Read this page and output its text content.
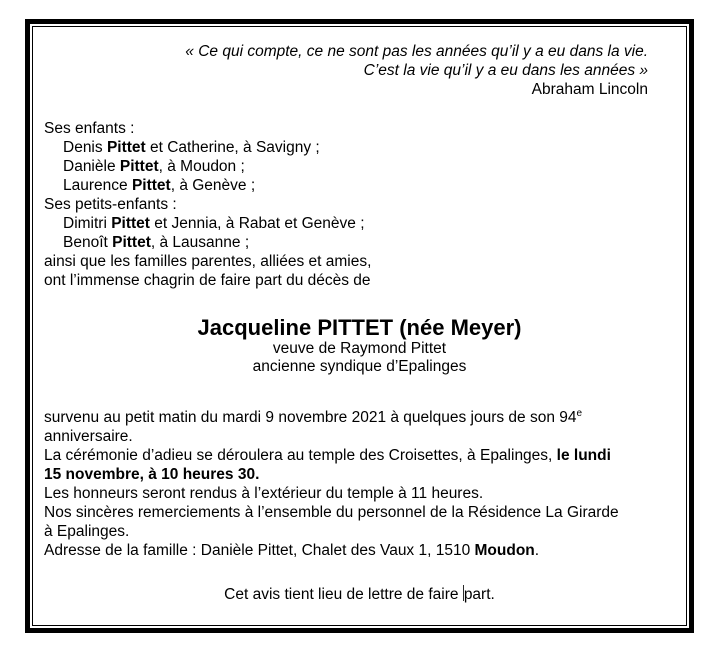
« Ce qui compte, ce ne sont pas les années qu’il y a eu dans la vie.
C’est la vie qu’il y a eu dans les années »
Abraham Lincoln
Ses enfants :
Denis Pittet et Catherine, à Savigny ;
Danièle Pittet, à Moudon ;
Laurence Pittet, à Genève ;
Ses petits-enfants :
Dimitri Pittet et Jennia, à Rabat et Genève ;
Benoît Pittet, à Lausanne ;
ainsi que les familles parentes, alliées et amies,
ont l’immense chagrin de faire part du décès de
Jacqueline PITTET (née Meyer)
veuve de Raymond Pittet
ancienne syndique d’Epalinges
survenu au petit matin du mardi 9 novembre 2021 à quelques jours de son 94e
anniversaire.
La cérémonie d’adieu se déroulera au temple des Croisettes, à Epalinges, le lundi
15 novembre, à 10 heures 30.
Les honneurs seront rendus à l’extérieur du temple à 11 heures.
Nos sincères remerciements à l’ensemble du personnel de la Résidence La Girarde
à Epalinges.
Adresse de la famille : Danièle Pittet, Chalet des Vaux 1, 1510 Moudon.
Cet avis tient lieu de lettre de faire part.
